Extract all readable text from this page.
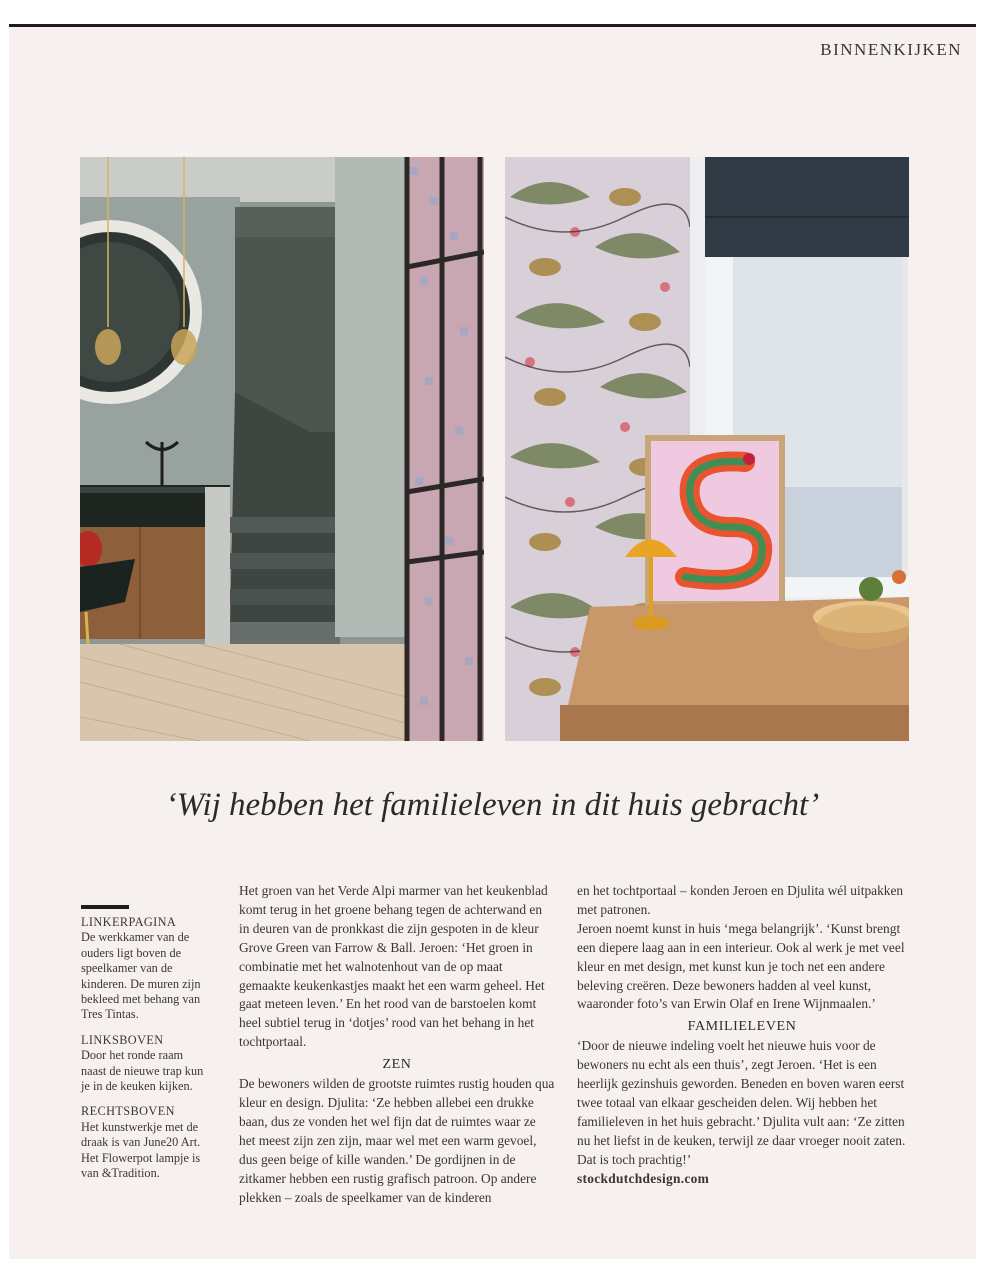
BINNENKIJKEN
‘Wij hebben het familieleven in dit huis gebracht’
LINKERPAGINA
De werkkamer van de ouders ligt boven de speelkamer van de kinderen. De muren zijn bekleed met behang van Tres Tintas.
LINKSBOVEN
Door het ronde raam naast de nieuwe trap kun je in de keuken kijken.
RECHTSBOVEN
Het kunstwerkje met de draak is van June20 Art. Het Flowerpot lampje is van &Tradition.

Het groen van het Verde Alpi marmer van het keukenblad komt terug in het groene behang tegen de achterwand en in deuren van de pronkkast die zijn gespoten in de kleur Grove Green van Farrow & Ball. Jeroen: ‘Het groen in combinatie met het walnotenhout van de op maat gemaakte keukenkastjes maakt het een warm geheel. Het gaat meteen leven.’ En het rood van de barstoelen komt heel subtiel terug in ‘dotjes’ rood van het behang in het tochtportaal.

ZEN

De bewoners wilden de grootste ruimtes rustig houden qua kleur en design. Djulita: ‘Ze hebben allebei een drukke baan, dus ze vonden het wel fijn dat de ruimtes waar ze het meest zijn zen zijn, maar wel met een warm gevoel, dus geen beige of kille wanden.’ De gordijnen in de zitkamer hebben een rustig grafisch patroon. Op andere plekken – zoals de speelkamer van de kinderen

en het tochtportaal – konden Jeroen en Djulita wél uitpakken met patronen.

Jeroen noemt kunst in huis ‘mega belangrijk’. ‘Kunst brengt een diepere laag aan in een interieur. Ook al werk je met veel kleur en met design, met kunst kun je toch net een andere beleving creëren. Deze bewoners hadden al veel kunst, waaronder foto’s van Erwin Olaf en Irene Wijnmaalen.’

FAMILIELEVEN

‘Door de nieuwe indeling voelt het nieuwe huis voor de bewoners nu echt als een thuis’, zegt Jeroen. ‘Het is een heerlijk gezinshuis geworden. Beneden en boven waren eerst twee totaal van elkaar gescheiden delen. Wij hebben het familieleven in het huis gebracht.’ Djulita vult aan: ‘Ze zitten nu het liefst in de keuken, terwijl ze daar vroeger nooit zaten. Dat is toch prachtig!’

stockdutchdesign.com
